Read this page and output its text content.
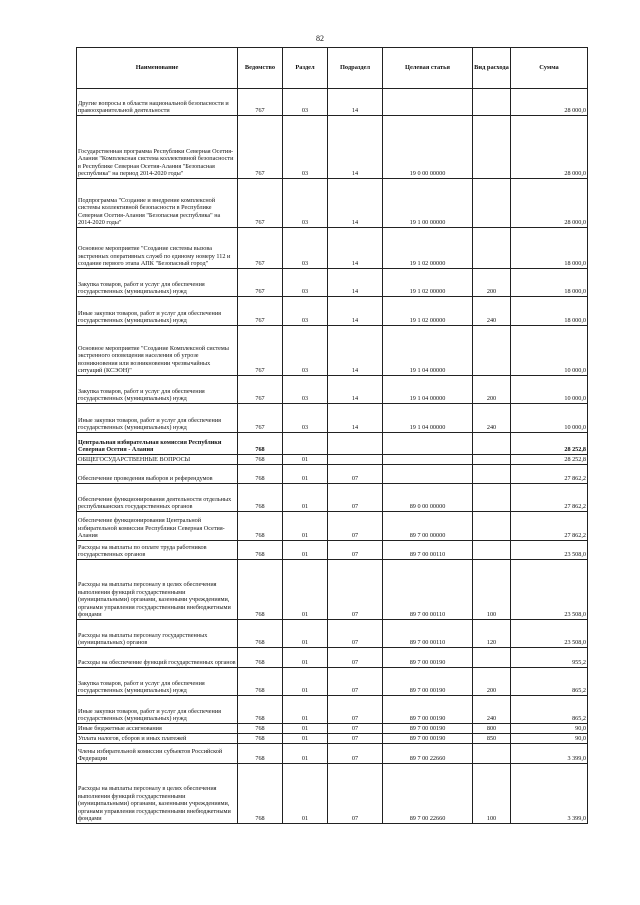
82
Наименование	Ведомство	Раздел	Подраздел	Целевая статья	Вид расхода	Сумма
Другие вопросы в области национальной безопасности и правоохранительной деятельности	767	03	14			28 000,0
Государственная программа Республики Северная Осетия-Алания "Комплексная система коллективной безопасности в Республике Северная Осетия-Алания "Безопасная республика" на период 2014-2020 годы"	767	03	14	19 0 00 00000		28 000,0
Подпрограмма "Создание и внедрение комплексной системы коллективной безопасности в Республике Северная Осетия-Алания "Безопасная республика" на 2014-2020 годы"	767	03	14	19 1 00 00000		28 000,0
Основное мероприятие "Создание системы вызова экстренных оперативных служб по единому номеру 112 и создание первого этапа АПК "Безопасный город"	767	03	14	19 1 02 00000		18 000,0
Закупка товаров, работ и услуг для обеспечения государственных (муниципальных) нужд	767	03	14	19 1 02 00000	200	18 000,0
Иные закупки товаров, работ и услуг для обеспечения государственных (муниципальных) нужд	767	03	14	19 1 02 00000	240	18 000,0
Основное мероприятие "Создание Комплексной системы экстренного оповещения населения об угрозе возникновения или возникновении чрезвычайных ситуаций (КСЭОН)"	767	03	14	19 1 04 00000		10 000,0
Закупка товаров, работ и услуг для обеспечения государственных (муниципальных) нужд	767	03	14	19 1 04 00000	200	10 000,0
Иные закупки товаров, работ и услуг для обеспечения государственных (муниципальных) нужд	767	03	14	19 1 04 00000	240	10 000,0
Центральная избирательная комиссия Республики Северная Осетия - Алания	768					28 252,8
ОБЩЕГОСУДАРСТВЕННЫЕ ВОПРОСЫ	768	01				28 252,8
Обеспечение проведения выборов и референдумов	768	01	07			27 862,2
Обеспечение функционирования деятельности отдельных республиканских государственных органов	768	01	07	89 0 00 00000		27 862,2
Обеспечение функционирования Центральной избирательной комиссии Республики Северная Осетия-Алания	768	01	07	89 7 00 00000		27 862,2
Расходы на выплаты по оплате труда работников государственных органов	768	01	07	89 7 00 00110		23 508,0
Расходы на выплаты персоналу в целях обеспечения выполнения функций государственными (муниципальными) органами, казенными учреждениями, органами управления государственными внебюджетными фондами	768	01	07	89 7 00 00110	100	23 508,0
Расходы на выплаты персоналу государственных (муниципальных) органов	768	01	07	89 7 00 00110	120	23 508,0
Расходы на обеспечение функций государственных органов	768	01	07	89 7 00 00190		955,2
Закупка товаров, работ и услуг для обеспечения государственных (муниципальных) нужд	768	01	07	89 7 00 00190	200	865,2
Иные закупки товаров, работ и услуг для обеспечения государственных (муниципальных) нужд	768	01	07	89 7 00 00190	240	865,2
Иные бюджетные ассигнования	768	01	07	89 7 00 00190	800	90,0
Уплата налогов, сборов и иных платежей	768	01	07	89 7 00 00190	850	90,0
Члены избирательной комиссии субъектов Российской Федерации	768	01	07	89 7 00 22660		3 399,0
Расходы на выплаты персоналу в целях обеспечения выполнения функций государственными (муниципальными) органами, казенными учреждениями, органами управления государственными внебюджетными фондами	768	01	07	89 7 00 22660	100	3 399,0
